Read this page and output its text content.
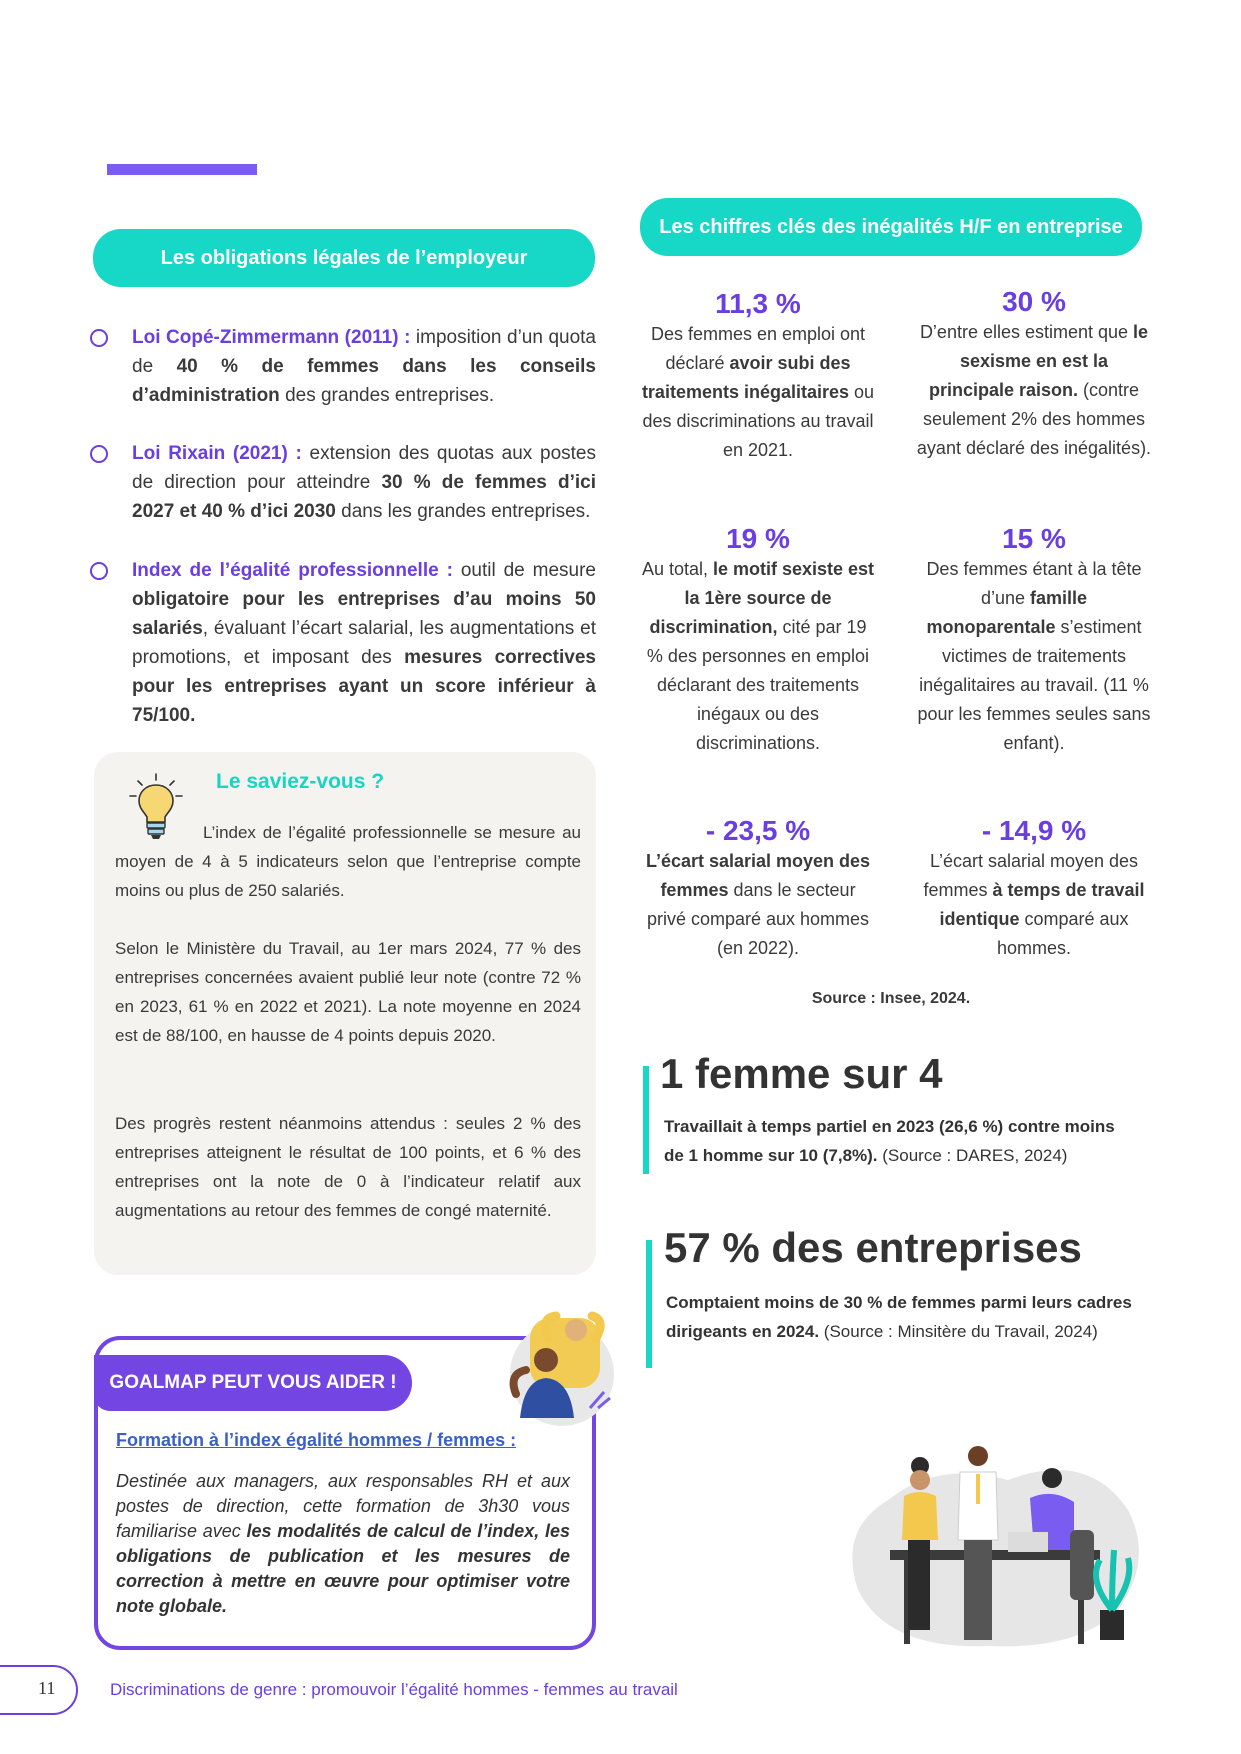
Les obligations légales de l’employeur
Loi Copé-Zimmermann (2011) : imposition d’un quota de 40 % de femmes dans les conseils d’administration des grandes entreprises.
Loi Rixain (2021) : extension des quotas aux postes de direction pour atteindre 30 % de femmes d’ici 2027 et 40 % d’ici 2030 dans les grandes entreprises.
Index de l’égalité professionnelle : outil de mesure obligatoire pour les entreprises d’au moins 50 salariés, évaluant l’écart salarial, les augmentations et promotions, et imposant des mesures correctives pour les entreprises ayant un score inférieur à 75/100.
Le saviez-vous ?
L’index de l’égalité professionnelle se mesure au moyen de 4 à 5 indicateurs selon que l’entreprise compte moins ou plus de 250 salariés.
Selon le Ministère du Travail, au 1er mars 2024, 77 % des entreprises concernées avaient publié leur note (contre 72 % en 2023, 61 % en 2022 et 2021). La note moyenne en 2024 est de 88/100, en hausse de 4 points depuis 2020.
Des progrès restent néanmoins attendus : seules 2 % des entreprises atteignent le résultat de 100 points, et 6 % des entreprises ont la note de 0 à l’indicateur relatif aux augmentations au retour des femmes de congé maternité.
GOALMAP PEUT VOUS AIDER !
Formation à l’index égalité hommes / femmes :
Destinée aux managers, aux responsables RH et aux postes de direction, cette formation de 3h30 vous familiarise avec les modalités de calcul de l’index, les obligations de publication et les mesures de correction à mettre en œuvre pour optimiser votre note globale.
Les chiffres clés des inégalités H/F en entreprise
11,3 %
Des femmes en emploi ont déclaré avoir subi des traitements inégalitaires ou des discriminations au travail en 2021.
30 %
D’entre elles estiment que le sexisme en est la principale raison. (contre seulement 2% des hommes ayant déclaré des inégalités).
19 %
Au total, le motif sexiste est la 1ère source de discrimination, cité par 19 % des personnes en emploi déclarant des traitements inégaux ou des discriminations.
15 %
Des femmes étant à la tête d’une famille monoparentale s’estiment victimes de traitements inégalitaires au travail. (11 % pour les femmes seules sans enfant).
- 23,5 %
L’écart salarial moyen des femmes dans le secteur privé comparé aux hommes (en 2022).
- 14,9 %
L’écart salarial moyen des femmes à temps de travail identique comparé aux hommes.
Source : Insee, 2024.
1 femme sur 4
Travaillait à temps partiel en 2023 (26,6 %) contre moins de 1 homme sur 10 (7,8%). (Source : DARES, 2024)
57 % des entreprises
Comptaient moins de 30 % de femmes parmi leurs cadres dirigeants en 2024. (Source : Minsitère du Travail, 2024)
11	Discriminations de genre : promouvoir l’égalité hommes - femmes au travail
